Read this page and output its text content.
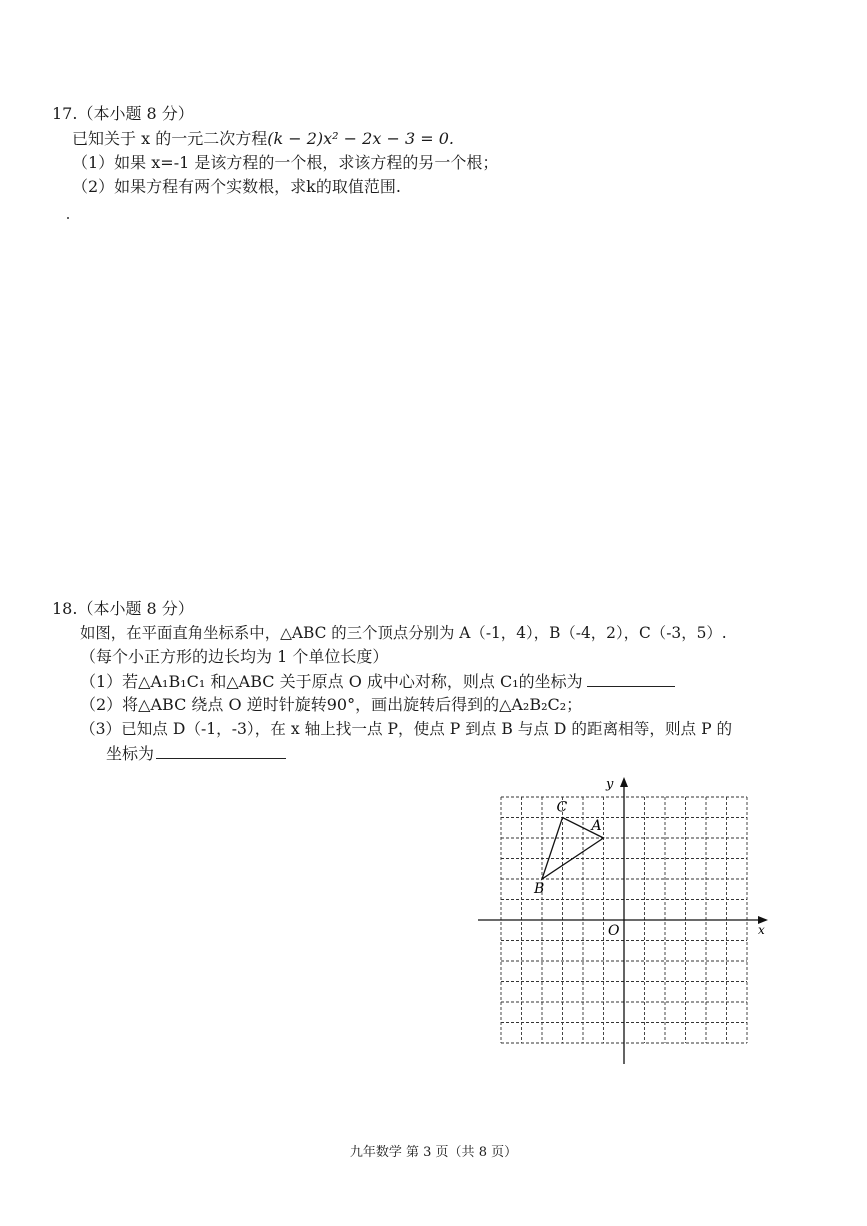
17.（本小题 8 分）
已知关于 x 的一元二次方程(k − 2)x² − 2x − 3 = 0.
（1）如果 x=-1 是该方程的一个根，求该方程的另一个根；
（2）如果方程有两个实数根，求k的取值范围.
18.（本小题 8 分）
如图，在平面直角坐标系中，△ABC 的三个顶点分别为 A（-1，4），B（-4，2），C（-3，5）.
（每个小正方形的边长均为 1 个单位长度）
（1）若△A₁B₁C₁ 和△ABC 关于原点 O 成中心对称，则点 C₁的坐标为
（2）将△ABC 绕点 O 逆时针旋转90°，画出旋转后得到的△A₂B₂C₂；
（3）已知点 D（-1，-3），在 x 轴上找一点 P，使点 P 到点 B 与点 D 的距离相等，则点 P 的
坐标为
x
y
O
A
B
C
九年数学 第 3 页（共 8 页）
